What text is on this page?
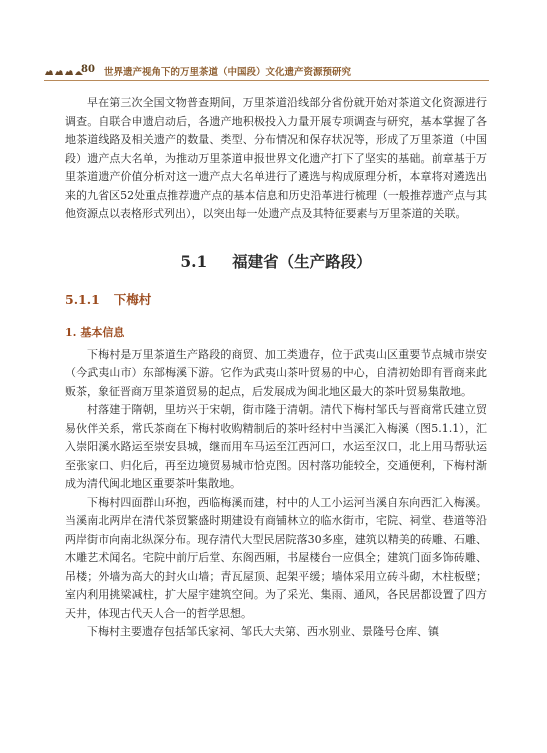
80 世界遗产视角下的万里茶道（中国段）文化遗产资源预研究

早在第三次全国文物普查期间，万里茶道沿线部分省份就开始对茶道文化资源进行调查。自联合申遗启动后，各遗产地积极投入力量开展专项调查与研究，基本掌握了各地茶道线路及相关遗产的数量、类型、分布情况和保存状况等，形成了万里茶道（中国段）遗产点大名单，为推动万里茶道申报世界文化遗产打下了坚实的基础。前章基于万里茶道遗产价值分析对这一遗产点大名单进行了遴选与构成原理分析，本章将对遴选出来的九省区52处重点推荐遗产点的基本信息和历史沿革进行梳理（一般推荐遗产点与其他资源点以表格形式列出），以突出每一处遗产点及其特征要素与万里茶道的关联。

5.1 福建省（生产路段）

5.1.1 下梅村

1. 基本信息

下梅村是万里茶道生产路段的商贸、加工类遗存，位于武夷山区重要节点城市崇安（今武夷山市）东部梅溪下游。它作为武夷山茶叶贸易的中心，自清初始即有晋商来此贩茶，象征晋商万里茶道贸易的起点，后发展成为闽北地区最大的茶叶贸易集散地。

村落建于隋朝，里坊兴于宋朝，街市隆于清朝。清代下梅村邹氏与晋商常氏建立贸易伙伴关系，常氏茶商在下梅村收购精制后的茶叶经村中当溪汇入梅溪（图5.1.1），汇入崇阳溪水路运至崇安县城，继而用车马运至江西河口，水运至汉口，北上用马帮驮运至张家口、归化后，再至边境贸易城市恰克图。因村落功能较全，交通便利，下梅村渐成为清代闽北地区重要茶叶集散地。

下梅村四面群山环抱，西临梅溪而建，村中的人工小运河当溪自东向西汇入梅溪。当溪南北两岸在清代茶贸繁盛时期建设有商铺林立的临水街市，宅院、祠堂、巷道等沿两岸街市向南北纵深分布。现存清代大型民居院落30多座，建筑以精美的砖雕、石雕、木雕艺术闻名。宅院中前厅后堂、东阁西厢，书屋楼台一应俱全；建筑门面多饰砖雕、吊楼；外墙为高大的封火山墙；青瓦屋顶、起架平缓；墙体采用立砖斗砌，木柱板壁；室内利用挑梁减柱，扩大屋宇建筑空间。为了采光、集雨、通风，各民居都设置了四方天井，体现古代天人合一的哲学思想。

下梅村主要遗存包括邹氏家祠、邹氏大夫第、西水别业、景隆号仓库、镇
